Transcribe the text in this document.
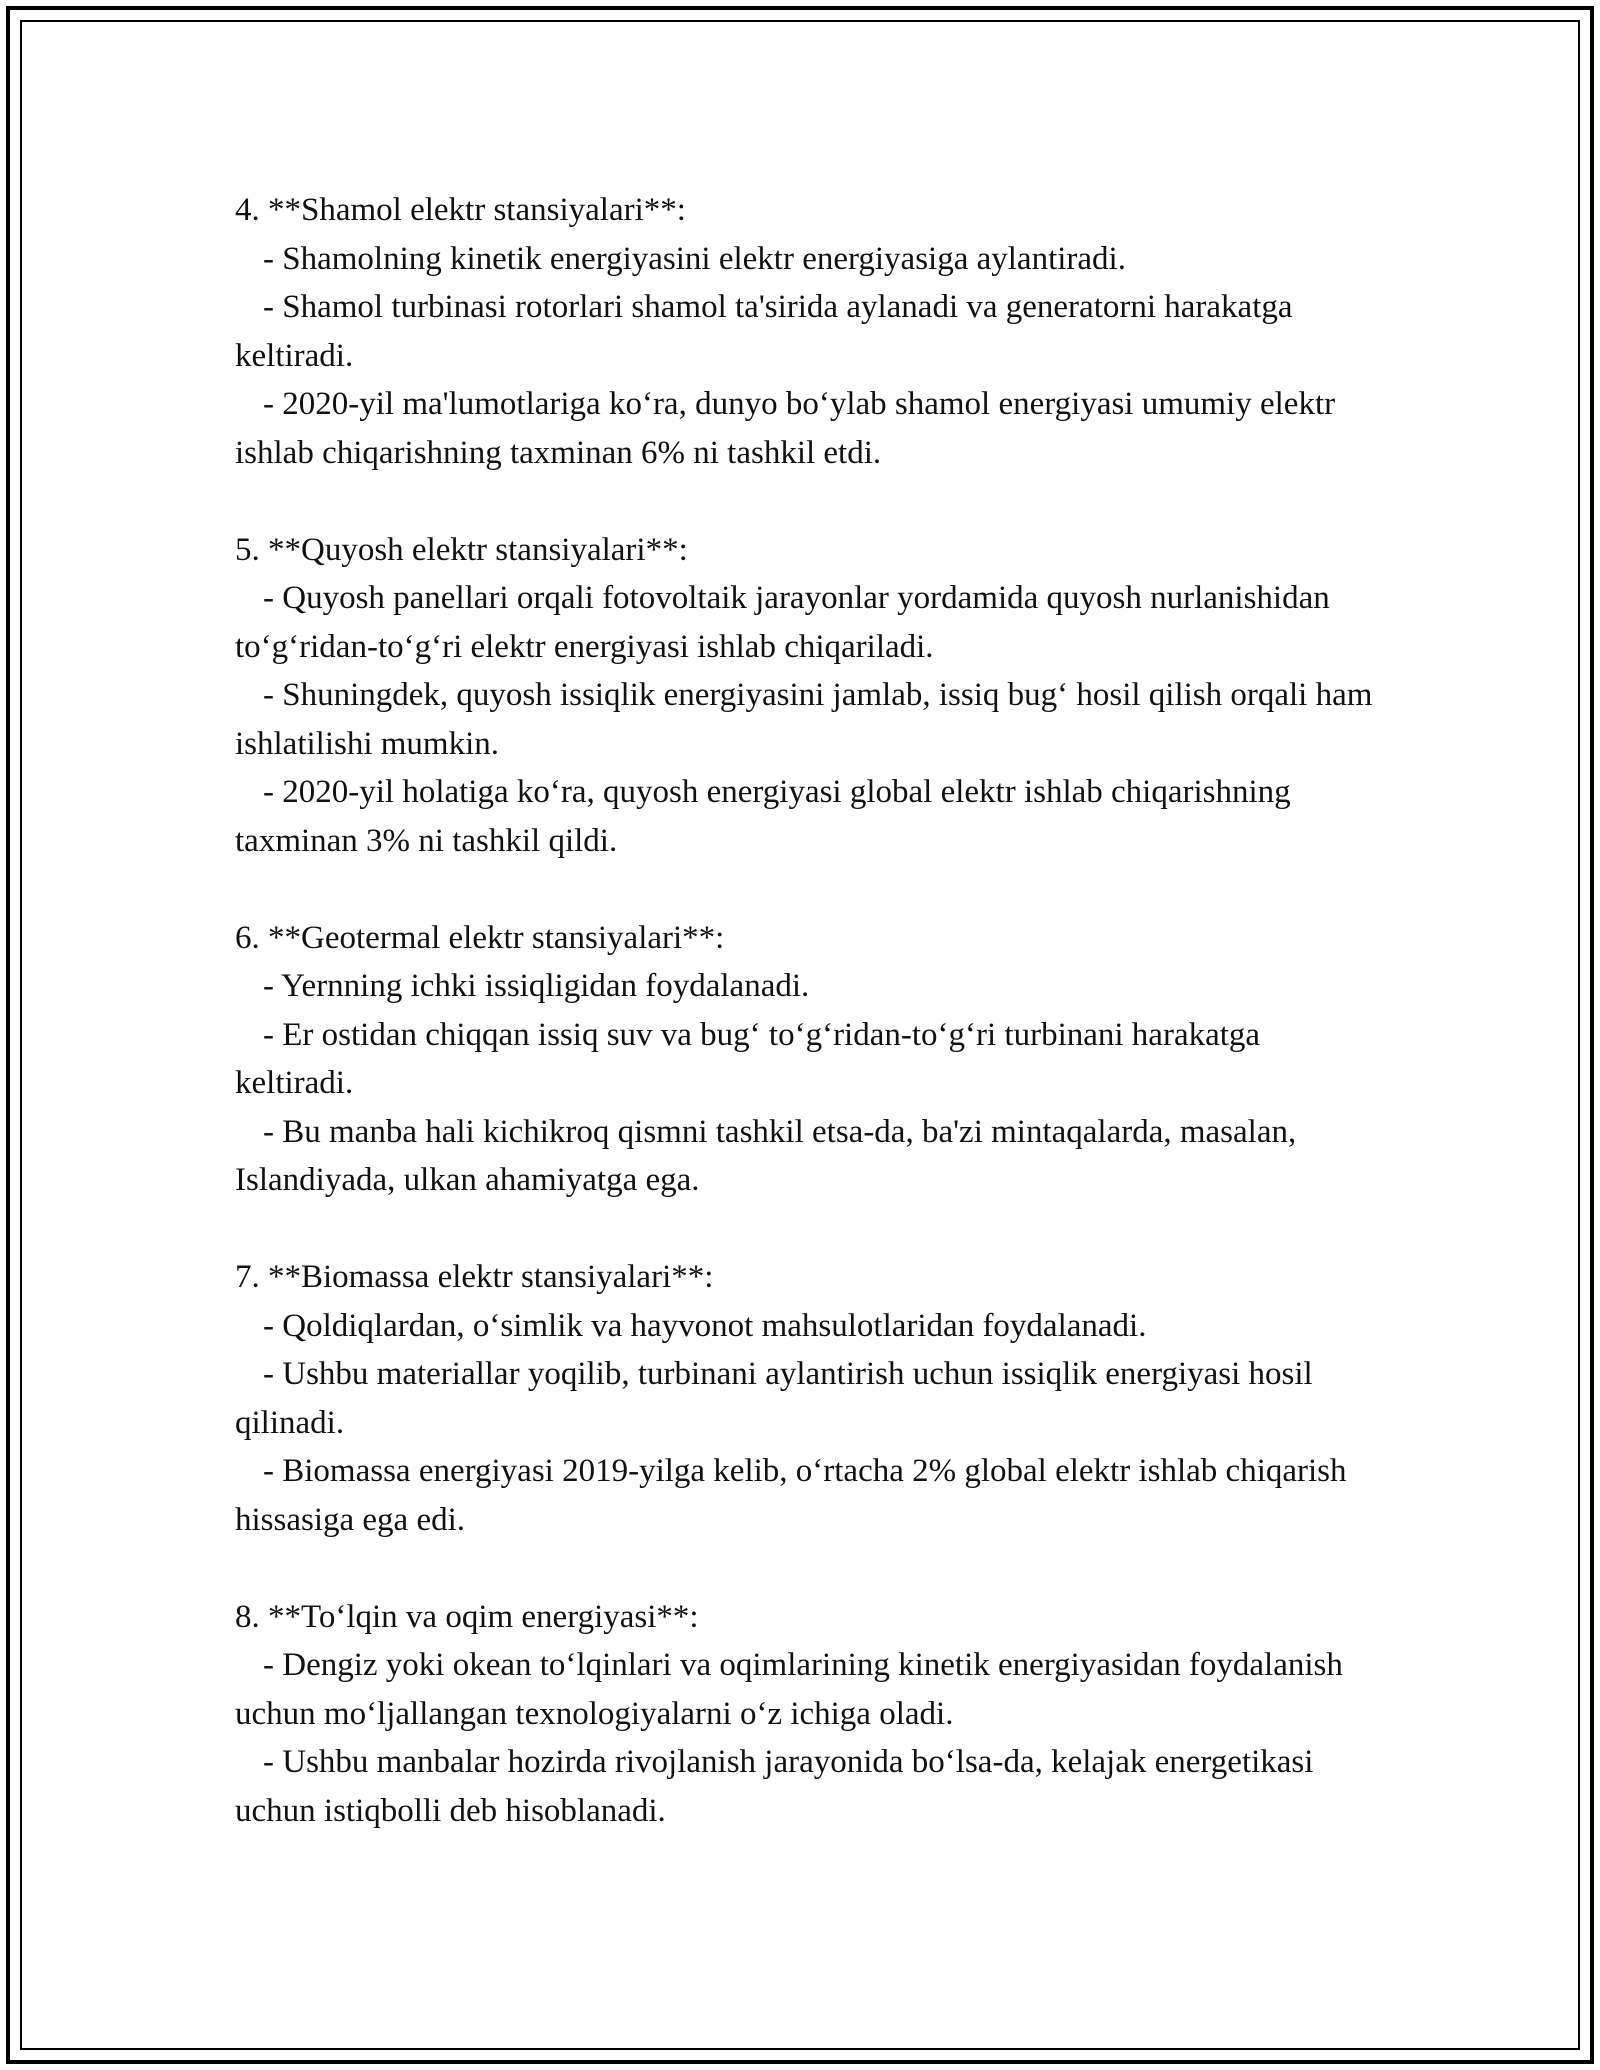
4. **Shamol elektr stansiyalari**:
- Shamolning kinetik energiyasini elektr energiyasiga aylantiradi.
- Shamol turbinasi rotorlari shamol ta'sirida aylanadi va generatorni harakatga keltiradi.
- 2020-yil ma'lumotlariga koʻra, dunyo boʻylab shamol energiyasi umumiy elektr ishlab chiqarishning taxminan 6% ni tashkil etdi.
5. **Quyosh elektr stansiyalari**:
- Quyosh panellari orqali fotovoltaik jarayonlar yordamida quyosh nurlanishidan toʻgʻridan-toʻgʻri elektr energiyasi ishlab chiqariladi.
- Shuningdek, quyosh issiqlik energiyasini jamlab, issiq bugʻ hosil qilish orqali ham ishlatilishi mumkin.
- 2020-yil holatiga koʻra, quyosh energiyasi global elektr ishlab chiqarishning taxminan 3% ni tashkil qildi.
6. **Geotermal elektr stansiyalari**:
- Yernning ichki issiqligidan foydalanadi.
- Er ostidan chiqqan issiq suv va bugʻ toʻgʻridan-toʻgʻri turbinani harakatga keltiradi.
- Bu manba hali kichikroq qismni tashkil etsa-da, ba'zi mintaqalarda, masalan, Islandiyada, ulkan ahamiyatga ega.
7. **Biomassa elektr stansiyalari**:
- Qoldiqlardan, oʻsimlik va hayvonot mahsulotlaridan foydalanadi.
- Ushbu materiallar yoqilib, turbinani aylantirish uchun issiqlik energiyasi hosil qilinadi.
- Biomassa energiyasi 2019-yilga kelib, oʻrtacha 2% global elektr ishlab chiqarish hissasiga ega edi.
8. **Toʻlqin va oqim energiyasi**:
- Dengiz yoki okean toʻlqinlari va oqimlarining kinetik energiyasidan foydalanish uchun moʻljallangan texnologiyalarni oʻz ichiga oladi.
- Ushbu manbalar hozirda rivojlanish jarayonida boʻlsa-da, kelajak energetikasi uchun istiqbolli deb hisoblanadi.
